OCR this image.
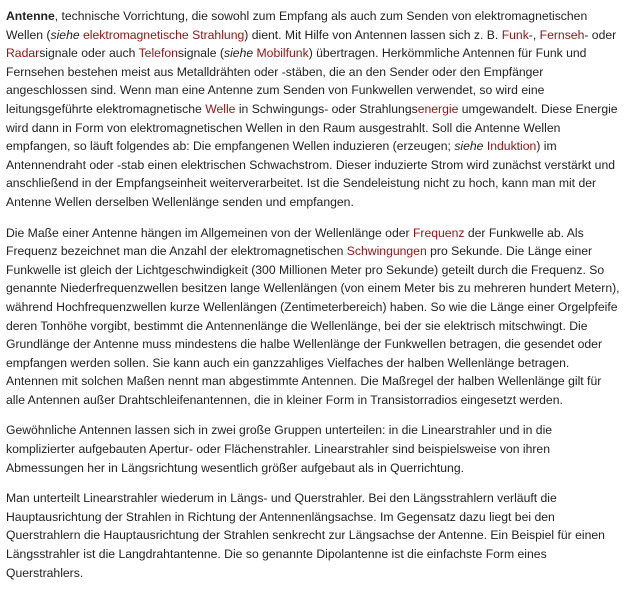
Antenne, technische Vorrichtung, die sowohl zum Empfang als auch zum Senden von elektromagnetischen Wellen (siehe elektromagnetische Strahlung) dient. Mit Hilfe von Antennen lassen sich z. B. Funk-, Fernseh- oder Radarsignale oder auch Telefonsignale (siehe Mobilfunk) übertragen. Herkömmliche Antennen für Funk und Fernsehen bestehen meist aus Metalldrähten oder -stäben, die an den Sender oder den Empfänger angeschlossen sind. Wenn man eine Antenne zum Senden von Funkwellen verwendet, so wird eine leitungsgeführte elektromagnetische Welle in Schwingungs- oder Strahlungsenergie umgewandelt. Diese Energie wird dann in Form von elektromagnetischen Wellen in den Raum ausgestrahlt. Soll die Antenne Wellen empfangen, so läuft folgendes ab: Die empfangenen Wellen induzieren (erzeugen; siehe Induktion) im Antennendraht oder -stab einen elektrischen Schwachstrom. Dieser induzierte Strom wird zunächst verstärkt und anschließend in der Empfangseinheit weiterverarbeitet. Ist die Sendeleistung nicht zu hoch, kann man mit der Antenne Wellen derselben Wellenlänge senden und empfangen.

Die Maße einer Antenne hängen im Allgemeinen von der Wellenlänge oder Frequenz der Funkwelle ab. Als Frequenz bezeichnet man die Anzahl der elektromagnetischen Schwingungen pro Sekunde. Die Länge einer Funkwelle ist gleich der Lichtgeschwindigkeit (300 Millionen Meter pro Sekunde) geteilt durch die Frequenz. So genannte Niederfrequenzwellen besitzen lange Wellenlängen (von einem Meter bis zu mehreren hundert Metern), während Hochfrequenzwellen kurze Wellenlängen (Zentimeterbereich) haben. So wie die Länge einer Orgelpfeife deren Tonhöhe vorgibt, bestimmt die Antennenlänge die Wellenlänge, bei der sie elektrisch mitschwingt. Die Grundlänge der Antenne muss mindestens die halbe Wellenlänge der Funkwellen betragen, die gesendet oder empfangen werden sollen. Sie kann auch ein ganzzahliges Vielfaches der halben Wellenlänge betragen. Antennen mit solchen Maßen nennt man abgestimmte Antennen. Die Maßregel der halben Wellenlänge gilt für alle Antennen außer Drahtschleifenantennen, die in kleiner Form in Transistorradios eingesetzt werden.

Gewöhnliche Antennen lassen sich in zwei große Gruppen unterteilen: in die Linearstrahler und in die komplizierter aufgebauten Apertur- oder Flächenstrahler. Linearstrahler sind beispielsweise von ihren Abmessungen her in Längsrichtung wesentlich größer aufgebaut als in Querrichtung.

Man unterteilt Linearstrahler wiederum in Längs- und Querstrahler. Bei den Längsstrahlern verläuft die Hauptausrichtung der Strahlen in Richtung der Antennenlängsachse. Im Gegensatz dazu liegt bei den Querstrahlern die Hauptausrichtung der Strahlen senkrecht zur Längsachse der Antenne. Ein Beispiel für einen Längsstrahler ist die Langdrahtantenne. Die so genannte Dipolantenne ist die einfachste Form eines Querstrahlers.
